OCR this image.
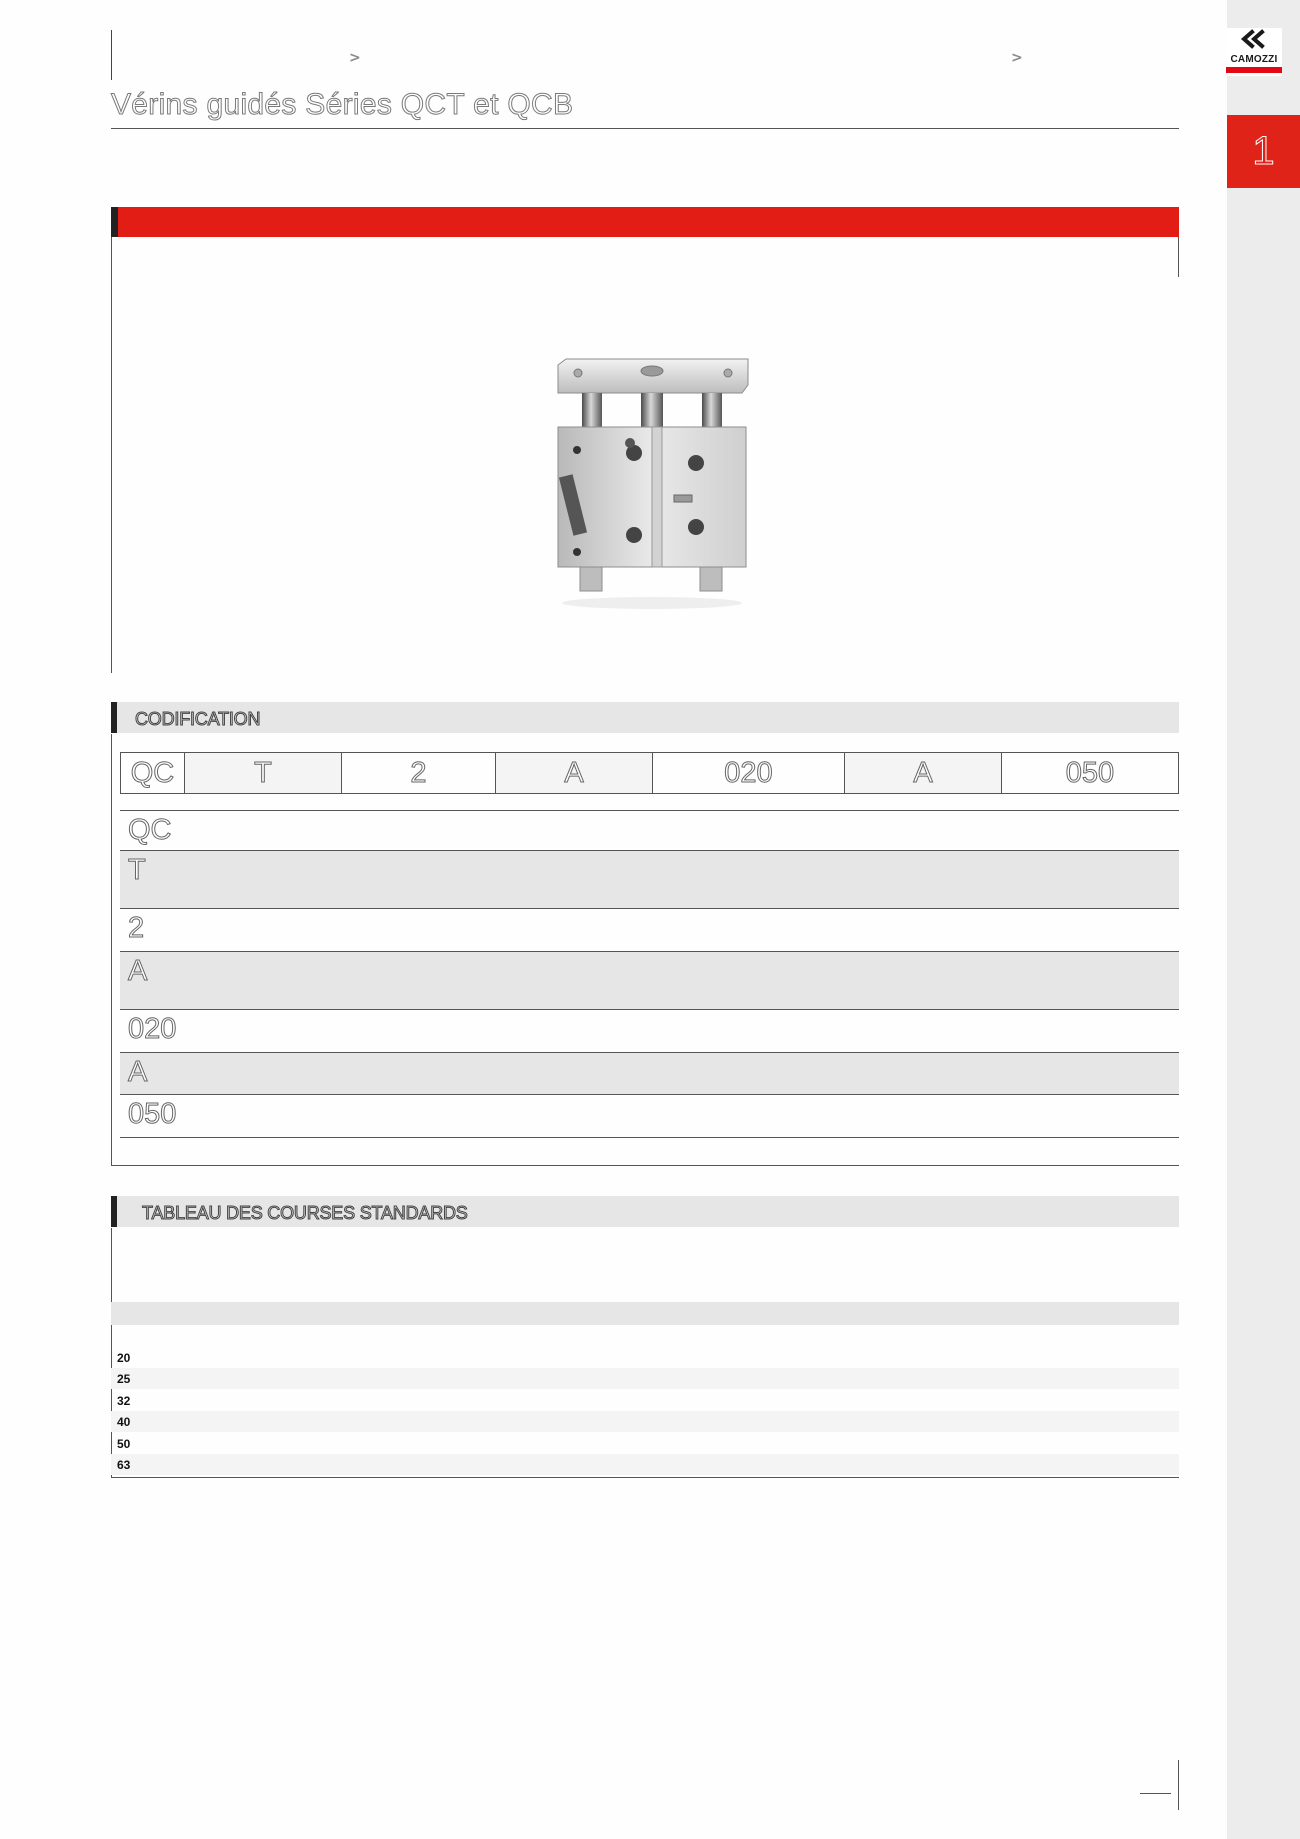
>	>
Vérins guidés Séries QCT et QCB
CAMOZZI
1
CODIFICATION
QC	T	2	A	020	A	050
QC
T
2
A
020
A
050
TABLEAU DES COURSES STANDARDS
20
25
32
40
50
63
